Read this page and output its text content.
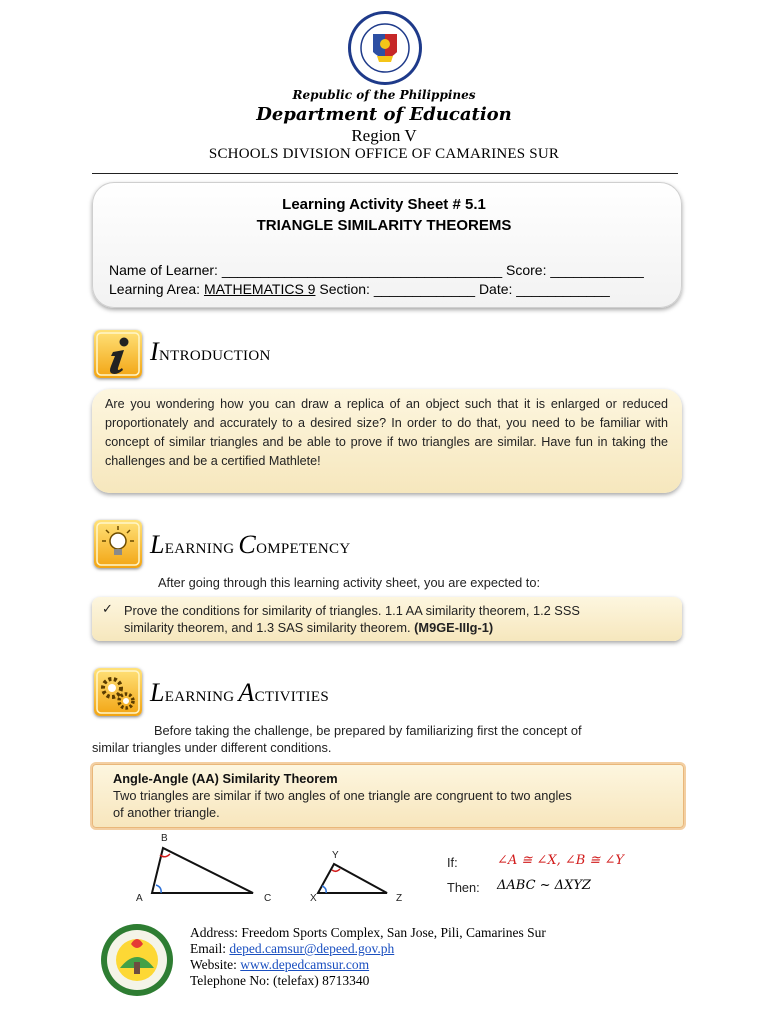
Republic of the Philippines
Department of Education
Region V
SCHOOLS DIVISION OFFICE OF CAMARINES SUR
Learning Activity Sheet # 5.1
TRIANGLE SIMILARITY THEOREMS
Name of Learner: ____________________________________ Score: ____________
Learning Area: MATHEMATICS 9 Section: _____________ Date: ____________
INTRODUCTION
Are you wondering how you can draw a replica of an object such that it is enlarged or reduced proportionately and accurately to a desired size? In order to do that, you need to be familiar with concept of similar triangles and be able to prove if two triangles are similar. Have fun in taking the challenges and be a certified Mathlete!
LEARNING COMPETENCY
After going through this learning activity sheet, you are expected to:
✓ Prove the conditions for similarity of triangles. 1.1 AA similarity theorem, 1.2 SSS
similarity theorem, and 1.3 SAS similarity theorem. (M9GE-IIIg-1)
LEARNING ACTIVITIES
Before taking the challenge, be prepared by familiarizing first the concept of
similar triangles under different conditions.
Angle-Angle (AA) Similarity Theorem
Two triangles are similar if two angles of one triangle are congruent to two angles
of another triangle.
B
A	C
Y
X	Z
If:	∠A ≅ ∠X, ∠B ≅ ∠Y
Then: ΔABC ~ ΔXYZ
Address: Freedom Sports Complex, San Jose, Pili, Camarines Sur
Email: deped.camsur@depeed.gov.ph
Website: www.depedcamsur.com
Telephone No: (telefax) 8713340
